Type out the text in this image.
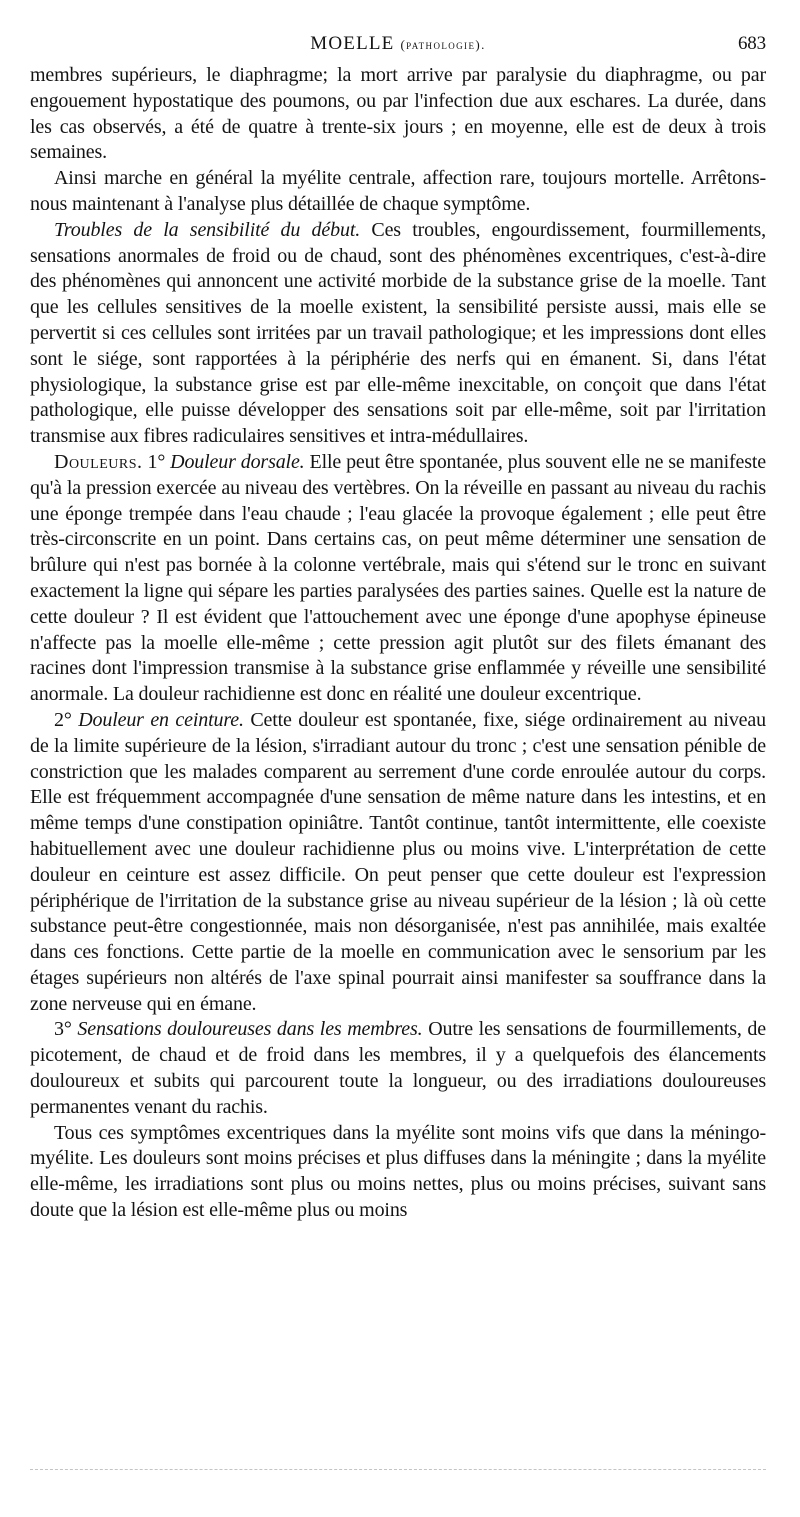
MOELLE (pathologie).	683

membres supérieurs, le diaphragme; la mort arrive par paralysie du diaphragme, ou par engouement hypostatique des poumons, ou par l'infection due aux eschares. La durée, dans les cas observés, a été de quatre à trente-six jours ; en moyenne, elle est de deux à trois semaines.

Ainsi marche en général la myélite centrale, affection rare, toujours mortelle. Arrêtons-nous maintenant à l'analyse plus détaillée de chaque symptôme.

Troubles de la sensibilité du début. Ces troubles, engourdissement, fourmillements, sensations anormales de froid ou de chaud, sont des phénomènes excentriques, c'est-à-dire des phénomènes qui annoncent une activité morbide de la substance grise de la moelle. Tant que les cellules sensitives de la moelle existent, la sensibilité persiste aussi, mais elle se pervertit si ces cellules sont irritées par un travail pathologique; et les impressions dont elles sont le siége, sont rapportées à la périphérie des nerfs qui en émanent. Si, dans l'état physiologique, la substance grise est par elle-même inexcitable, on conçoit que dans l'état pathologique, elle puisse développer des sensations soit par elle-même, soit par l'irritation transmise aux fibres radiculaires sensitives et intra-médullaires.

Douleurs. 1° Douleur dorsale. Elle peut être spontanée, plus souvent elle ne se manifeste qu'à la pression exercée au niveau des vertèbres. On la réveille en passant au niveau du rachis une éponge trempée dans l'eau chaude ; l'eau glacée la provoque également ; elle peut être très-circonscrite en un point. Dans certains cas, on peut même déterminer une sensation de brûlure qui n'est pas bornée à la colonne vertébrale, mais qui s'étend sur le tronc en suivant exactement la ligne qui sépare les parties paralysées des parties saines. Quelle est la nature de cette douleur ? Il est évident que l'attouchement avec une éponge d'une apophyse épineuse n'affecte pas la moelle elle-même ; cette pression agit plutôt sur des filets émanant des racines dont l'impression transmise à la substance grise enflammée y réveille une sensibilité anormale. La douleur rachidienne est donc en réalité une douleur excentrique.

2° Douleur en ceinture. Cette douleur est spontanée, fixe, siége ordinairement au niveau de la limite supérieure de la lésion, s'irradiant autour du tronc ; c'est une sensation pénible de constriction que les malades comparent au serrement d'une corde enroulée autour du corps. Elle est fréquemment accompagnée d'une sensation de même nature dans les intestins, et en même temps d'une constipation opiniâtre. Tantôt continue, tantôt intermittente, elle coexiste habituellement avec une douleur rachidienne plus ou moins vive. L'interprétation de cette douleur en ceinture est assez difficile. On peut penser que cette douleur est l'expression périphérique de l'irritation de la substance grise au niveau supérieur de la lésion ; là où cette substance peut-être congestionnée, mais non désorganisée, n'est pas annihilée, mais exaltée dans ces fonctions. Cette partie de la moelle en communication avec le sensorium par les étages supérieurs non altérés de l'axe spinal pourrait ainsi manifester sa souffrance dans la zone nerveuse qui en émane.

3° Sensations douloureuses dans les membres. Outre les sensations de fourmillements, de picotement, de chaud et de froid dans les membres, il y a quelquefois des élancements douloureux et subits qui parcourent toute la longueur, ou des irradiations douloureuses permanentes venant du rachis.

Tous ces symptômes excentriques dans la myélite sont moins vifs que dans la méningo-myélite. Les douleurs sont moins précises et plus diffuses dans la méningite ; dans la myélite elle-même, les irradiations sont plus ou moins nettes, plus ou moins précises, suivant sans doute que la lésion est elle-même plus ou moins
